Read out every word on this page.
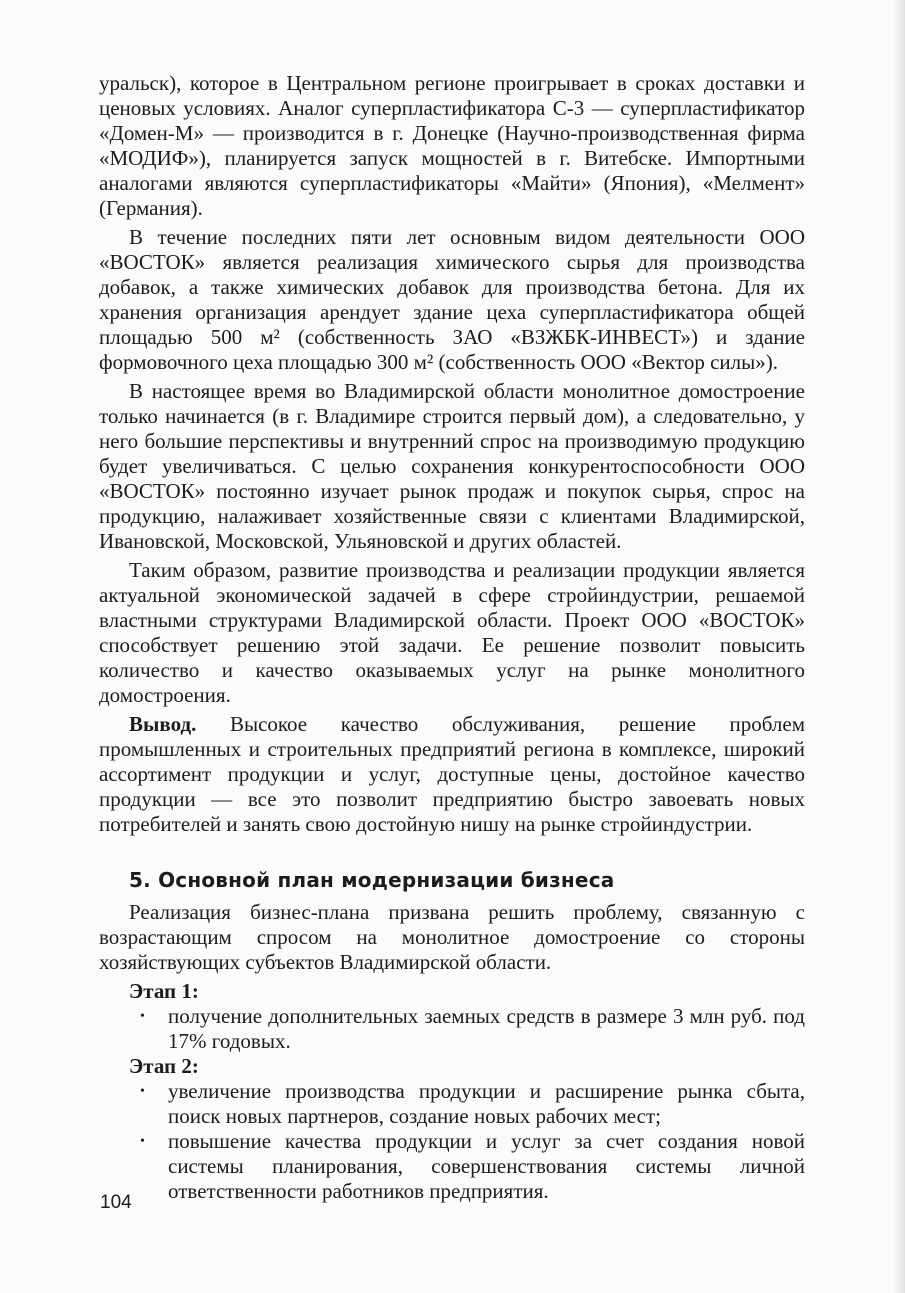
уральск), которое в Центральном регионе проигрывает в сроках доставки и ценовых условиях. Аналог суперпластификатора С-3 — суперпластификатор «Домен-М» — производится в г. Донецке (Научно-производственная фирма «МОДИФ»), планируется запуск мощностей в г. Витебске. Импортными аналогами являются суперпластификаторы «Майти» (Япония), «Мелмент» (Германия).

В течение последних пяти лет основным видом деятельности ООО «ВОСТОК» является реализация химического сырья для производства добавок, а также химических добавок для производства бетона. Для их хранения организация арендует здание цеха суперпластификатора общей площадью 500 м² (собственность ЗАО «ВЗЖБК-ИНВЕСТ») и здание формовочного цеха площадью 300 м² (собственность ООО «Вектор силы»).

В настоящее время во Владимирской области монолитное домостроение только начинается (в г. Владимире строится первый дом), а следовательно, у него большие перспективы и внутренний спрос на производимую продукцию будет увеличиваться. С целью сохранения конкурентоспособности ООО «ВОСТОК» постоянно изучает рынок продаж и покупок сырья, спрос на продукцию, налаживает хозяйственные связи с клиентами Владимирской, Ивановской, Московской, Ульяновской и других областей.

Таким образом, развитие производства и реализации продукции является актуальной экономической задачей в сфере стройиндустрии, решаемой властными структурами Владимирской области. Проект ООО «ВОСТОК» способствует решению этой задачи. Ее решение позволит повысить количество и качество оказываемых услуг на рынке монолитного домостроения.

Вывод. Высокое качество обслуживания, решение проблем промышленных и строительных предприятий региона в комплексе, широкий ассортимент продукции и услуг, доступные цены, достойное качество продукции — все это позволит предприятию быстро завоевать новых потребителей и занять свою достойную нишу на рынке стройиндустрии.

5. Основной план модернизации бизнеса

Реализация бизнес-плана призвана решить проблему, связанную с возрастающим спросом на монолитное домостроение со стороны хозяйствующих субъектов Владимирской области.

Этап 1:
• получение дополнительных заемных средств в размере 3 млн руб. под 17% годовых.
Этап 2:
• увеличение производства продукции и расширение рынка сбыта, поиск новых партнеров, создание новых рабочих мест;
• повышение качества продукции и услуг за счет создания новой системы планирования, совершенствования системы личной ответственности работников предприятия.
104
